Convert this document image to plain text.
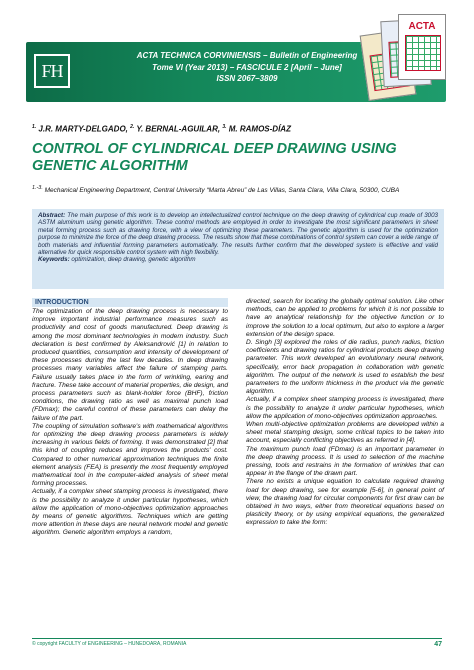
FH
ACTA TECHNICA CORVINIENSIS – Bulletin of Engineering
Tome VI (Year 2013) – FASCICULE 2 [April – June]
ISSN 2067–3809
ACTA
$^{1.}$ J.R. MARTY-DELGADO, $^{2.}$ Y. BERNAL-AGUILAR, $^{3.}$ M. RAMOS-DÍAZ
CONTROL OF CYLINDRICAL DEEP DRAWING USING GENETIC ALGORITHM
$^{1.-3.}$ Mechanical Engineering Department, Central University “Marta Abreu” de Las Villas, Santa Clara, Villa Clara, 50300, CUBA
Abstract: The main purpose of this work is to develop an intellectualized control technique on the deep drawing of cylindrical cup made of 3003 ASTM aluminum using genetic algorithm. These control methods are employed in order to investigate the most significant parameters in sheet metal forming process such as drawing force, with a view of optimizing these parameters. The genetic algorithm is used for the optimization purpose to minimize the force of the deep drawing process. The results show that these combinations of control system can cover a wide range of both materials and influential forming parameters automatically. The results further confirm that the developed system is effective and valid alternative for quick responsible control system with high flexibility.
Keywords: optimization, deep drawing, genetic algorithm
INTRODUCTION

The optimization of the deep drawing process is necessary to improve important industrial performance measures such as productivity and cost of goods manufactured. Deep drawing is among the most dominant technologies in modern industry. Such declaration is best confirmed by Aleksandrović [1] in relation to produced quantities, consumption and intensity of development of these processes during the last few decades. In deep drawing processes many variables affect the failure of stamping parts. Failure usually takes place in the form of wrinkling, earing and fracture. These take account of material properties, die design, and process parameters such as blank-holder force (BHF), friction conditions, the drawing ratio as well as maximal punch load (FDmax); the careful control of these parameters can delay the failure of the part.

The coupling of simulation software's with mathematical algorithms for optimizing the deep drawing process parameters is widely increasing in various fields of forming. It was demonstrated [2] that this kind of coupling reduces and improves the products' cost. Compared to other numerical approximation techniques the finite element analysis (FEA) is presently the most frequently employed mathematical tool in the computer-aided analysis of sheet metal forming processes.

Actually, if a complex sheet stamping process is investigated, there is the possibility to analyze it under particular hypotheses, which allow the application of mono-objectives optimization approaches by means of genetic algorithms. Techniques which are getting more attention in these days are neural network model and genetic algorithm. Genetic algorithm employs a random,

directed, search for locating the globally optimal solution. Like other methods, can be applied to problems for which it is not possible to have an analytical relationship for the objective function or to improve the solution to a local optimum, but also to explore a larger extension of the design space.

D. Singh [3] explored the roles of die radius, punch radius, friction coefficients and drawing ratios for cylindrical products deep drawing parameter. This work developed an evolutionary neural network, specifically, error back propagation in collaboration with genetic algorithm. The output of the network is used to establish the best parameters to the uniform thickness in the product via the genetic algorithm.

Actually, if a complex sheet stamping process is investigated, there is the possibility to analyze it under particular hypotheses, which allow the application of mono-objectives optimization approaches.

When multi-objective optimization problems are developed within a sheet metal stamping design, some critical topics to be taken into account, especially conflicting objectives as referred in [4].

The maximum punch load (FDmax) is an important parameter in the deep drawing process. It is used to selection of the machine pressing, tools and restrains in the formation of wrinkles that can appear in the flange of the drawn part.

There no exists a unique equation to calculate required drawing load for deep drawing, see for example [5-6], in general point of view, the drawing load for circular components for first draw can be obtained in two ways, either from theoretical equations based on plasticity theory, or by using empirical equations, the generalized expression to take the form:

© copyright FACULTY of ENGINEERING – HUNEDOARA, ROMANIA	47
